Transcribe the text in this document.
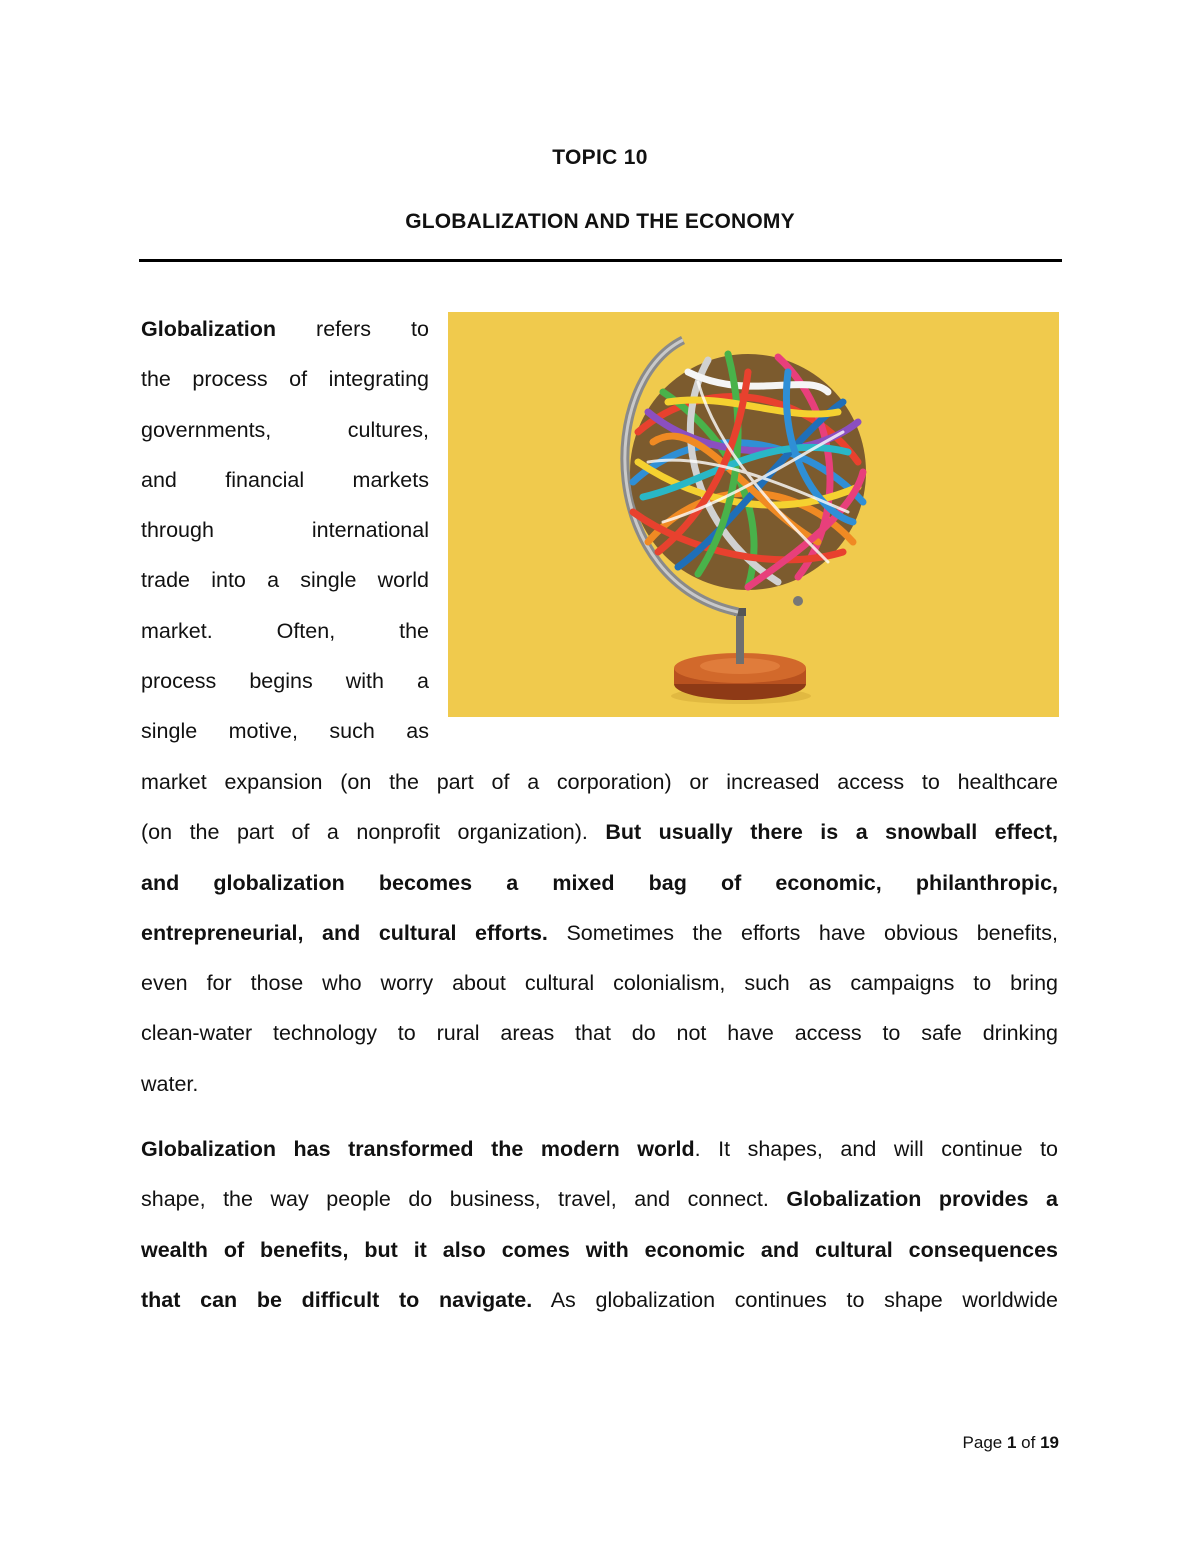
TOPIC 10
GLOBALIZATION AND THE ECONOMY
Globalization refers to
the process of integrating
governments, cultures,
and financial markets
through international
trade into a single world
market. Often, the
process begins with a
single motive, such as
market expansion (on the part of a corporation) or increased access to healthcare
(on the part of a nonprofit organization). But usually there is a snowball effect,
and globalization becomes a mixed bag of economic, philanthropic,
entrepreneurial, and cultural efforts. Sometimes the efforts have obvious benefits,
even for those who worry about cultural colonialism, such as campaigns to bring
clean-water technology to rural areas that do not have access to safe drinking
water.
Globalization has transformed the modern world. It shapes, and will continue to
shape, the way people do business, travel, and connect. Globalization provides a
wealth of benefits, but it also comes with economic and cultural consequences
that can be difficult to navigate. As globalization continues to shape worldwide
Page 1 of 19
